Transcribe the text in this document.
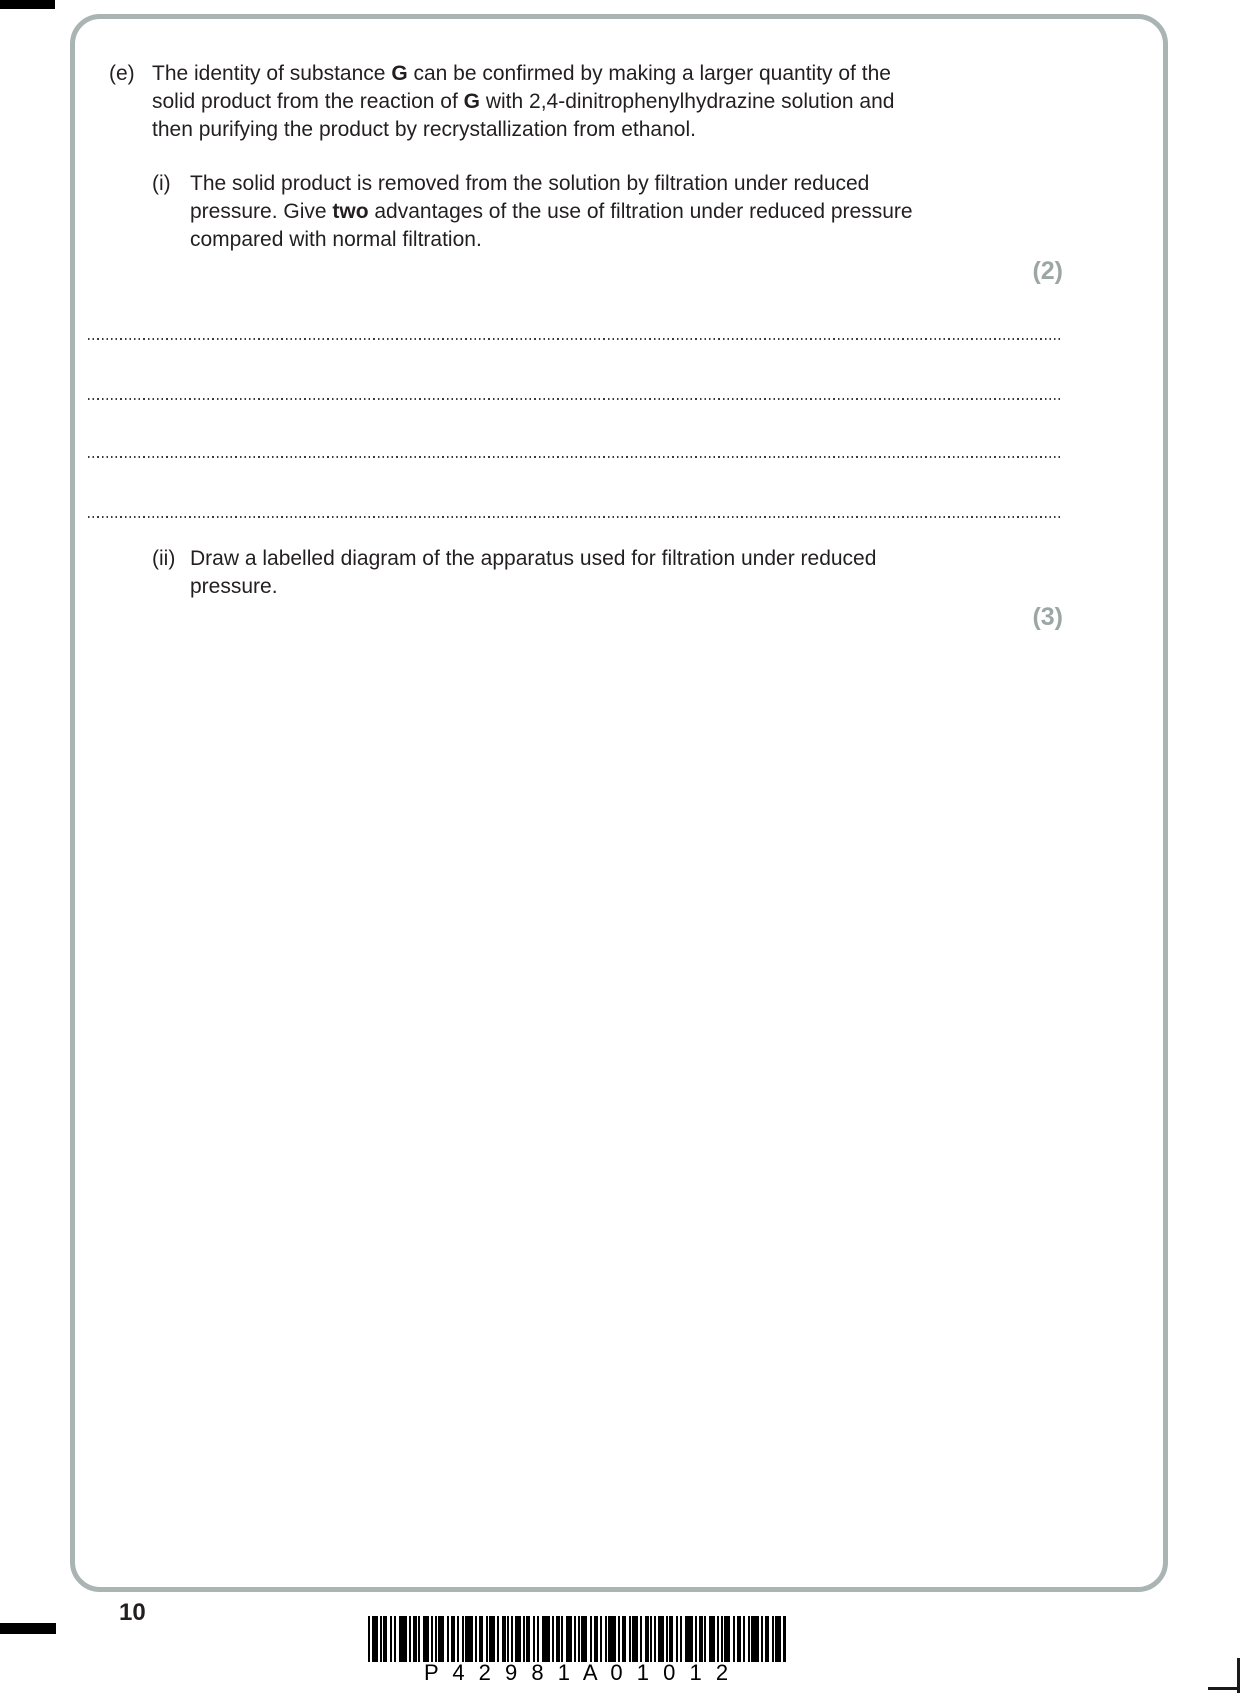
(e) The identity of substance G can be confirmed by making a larger quantity of the
solid product from the reaction of G with 2,4-dinitrophenylhydrazine solution and
then purifying the product by recrystallization from ethanol.
(i) The solid product is removed from the solution by filtration under reduced
pressure. Give two advantages of the use of filtration under reduced pressure
compared with normal filtration.
(2)
(ii) Draw a labelled diagram of the apparatus used for filtration under reduced
pressure.
(3)
10
P 4 2 9 8 1 A 0 1 0 1 2
